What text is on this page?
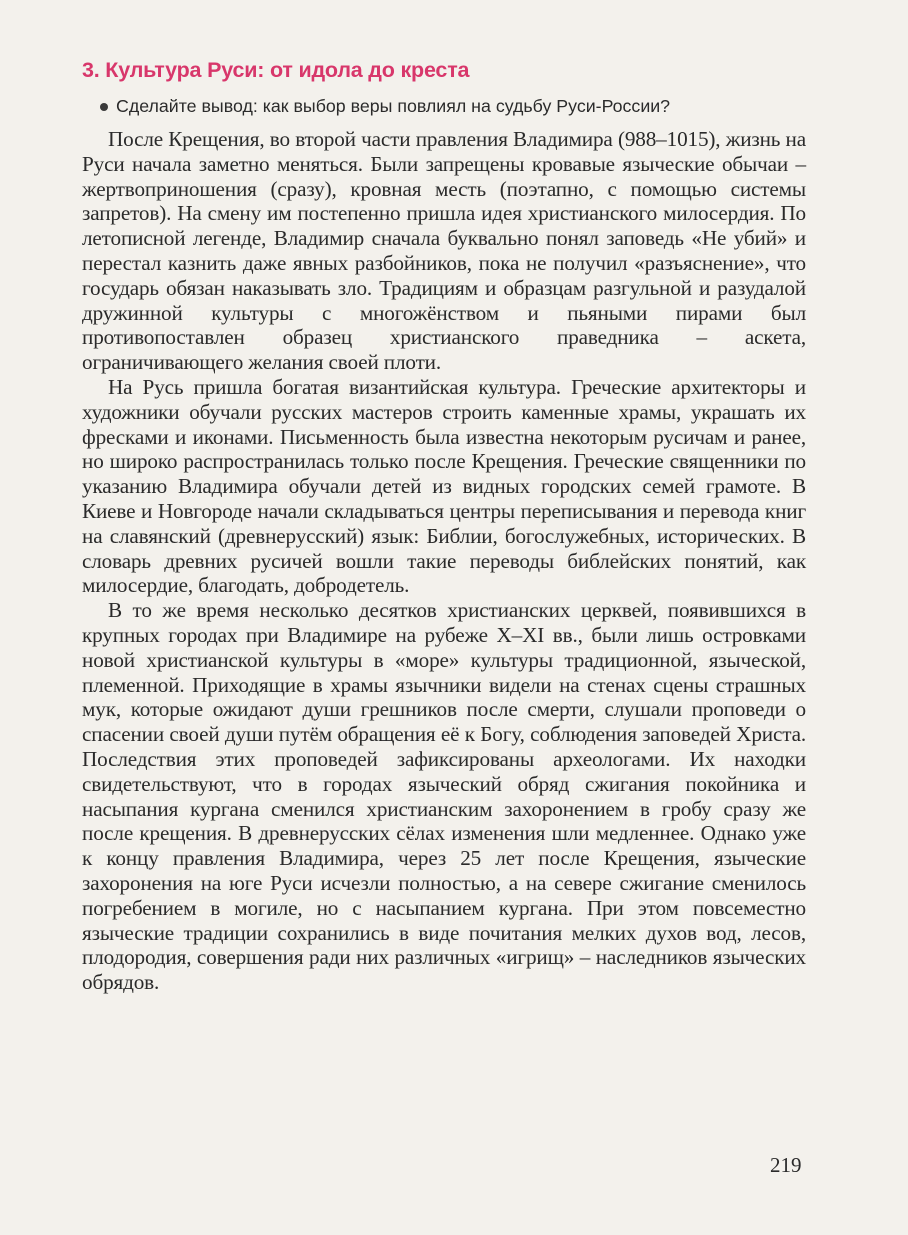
3. Культура Руси: от идола до креста
Сделайте вывод: как выбор веры повлиял на судьбу Руси-России?

После Крещения, во второй части правления Владимира (988–1015), жизнь на Руси начала заметно меняться. Были запрещены кровавые языческие обычаи – жертвоприношения (сразу), кровная месть (поэтапно, с помощью системы запретов). На смену им постепенно пришла идея христианского милосердия. По летописной легенде, Владимир сначала буквально понял заповедь «Не убий» и перестал казнить даже явных разбойников, пока не получил «разъяснение», что государь обязан наказывать зло. Традициям и образцам разгульной и разудалой дружинной культуры с многожёнством и пьяными пирами был противопоставлен образец христианского праведника – аскета, ограничивающего желания своей плоти.

На Русь пришла богатая византийская культура. Греческие архитекторы и художники обучали русских мастеров строить каменные храмы, украшать их фресками и иконами. Письменность была известна некоторым русичам и ранее, но широко распространилась только после Крещения. Греческие священники по указанию Владимира обучали детей из видных городских семей грамоте. В Киеве и Новгороде начали складываться центры переписывания и перевода книг на славянский (древнерусский) язык: Библии, богослужебных, исторических. В словарь древних русичей вошли такие переводы библейских понятий, как милосердие, благодать, добродетель.

В то же время несколько десятков христианских церквей, появившихся в крупных городах при Владимире на рубеже X–XI вв., были лишь островками новой христианской культуры в «море» культуры традиционной, языческой, племенной. Приходящие в храмы язычники видели на стенах сцены страшных мук, которые ожидают души грешников после смерти, слушали проповеди о спасении своей души путём обращения её к Богу, соблюдения заповедей Христа. Последствия этих проповедей зафиксированы археологами. Их находки свидетельствуют, что в городах языческий обряд сжигания покойника и насыпания кургана сменился христианским захоронением в гробу сразу же после крещения. В древнерусских сёлах изменения шли медленнее. Однако уже к концу правления Владимира, через 25 лет после Крещения, языческие захоронения на юге Руси исчезли полностью, а на севере сжигание сменилось погребением в могиле, но с насыпанием кургана. При этом повсеместно языческие традиции сохранились в виде почитания мелких духов вод, лесов, плодородия, совершения ради них различных «игрищ» – наследников языческих обрядов.

219
